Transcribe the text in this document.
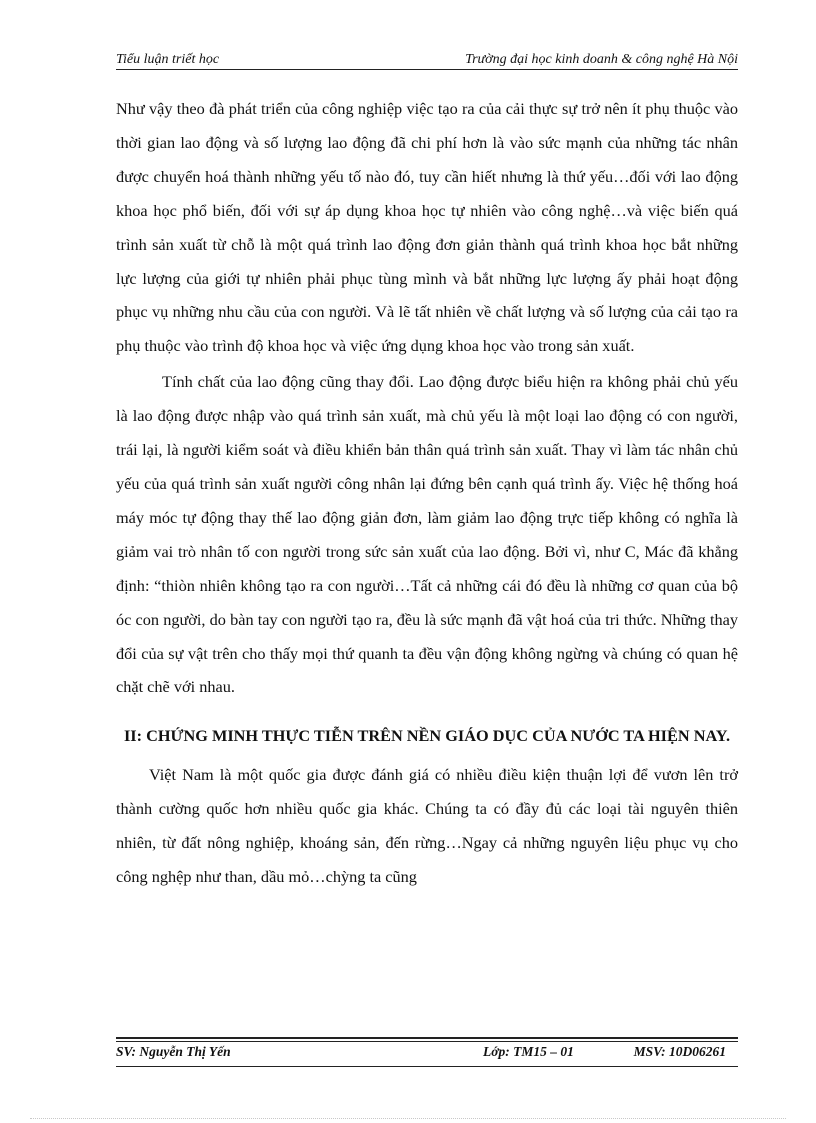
Tiểu luận triết học	Trường đại học kinh doanh & công nghệ Hà Nội

Như vậy theo đà phát triển của công nghiệp việc tạo ra của cải thực sự trở nên ít phụ thuộc vào thời gian lao động và số lượng lao động đã chi phí hơn là vào sức mạnh của những tác nhân được chuyển hoá thành những yếu tố nào đó, tuy cần hiết nhưng là thứ yếu…đối với lao động khoa học phổ biến, đối với sự áp dụng khoa học tự nhiên vào công nghệ…và việc biến quá trình sản xuất từ chỗ là một quá trình lao động đơn giản thành quá trình khoa học bắt những lực lượng của giới tự nhiên phải phục tùng mình và bắt những lực lượng ấy phải hoạt động phục vụ những nhu cầu của con người. Và lẽ tất nhiên về chất lượng và số lượng của cải tạo ra phụ thuộc vào trình độ khoa học và việc ứng dụng khoa học vào trong sản xuất.

Tính chất của lao động cũng thay đổi. Lao động được biểu hiện ra không phải chủ yếu là lao động được nhập vào quá trình sản xuất, mà chủ yếu là một loại lao động có con người, trái lại, là người kiểm soát và điều khiển bản thân quá trình sản xuất. Thay vì làm tác nhân chủ yếu của quá trình sản xuất người công nhân lại đứng bên cạnh quá trình ấy. Việc hệ thống hoá máy móc tự động thay thế lao động giản đơn, làm giảm lao động trực tiếp không có nghĩa là giảm vai trò nhân tố con người trong sức sản xuất của lao động. Bởi vì, như C, Mác đã khẳng định: “thiòn nhiên không tạo ra con người…Tất cả những cái đó đều là những cơ quan của bộ óc con người, do bàn tay con người tạo ra, đều là sức mạnh đã vật hoá của tri thức. Những thay đổi của sự vật trên cho thấy mọi thứ quanh ta đều vận động không ngừng và chúng có quan hệ chặt chẽ với nhau.

II: CHỨNG MINH THỰC TIỄN TRÊN NỀN GIÁO DỤC CỦA NƯỚC TA HIỆN NAY.

Việt Nam là một quốc gia được đánh giá có nhiều điều kiện thuận lợi để vươn lên trở thành cường quốc hơn nhiều quốc gia khác. Chúng ta có đầy đủ các loại tài nguyên thiên nhiên, từ đất nông nghiệp, khoáng sản, đến rừng…Ngay cả những nguyên liệu phục vụ cho công nghệp như than, dầu mỏ…chỳng ta cũng

SV: Nguyễn Thị Yến	Lớp: TM15 – 01	MSV: 10D06261
